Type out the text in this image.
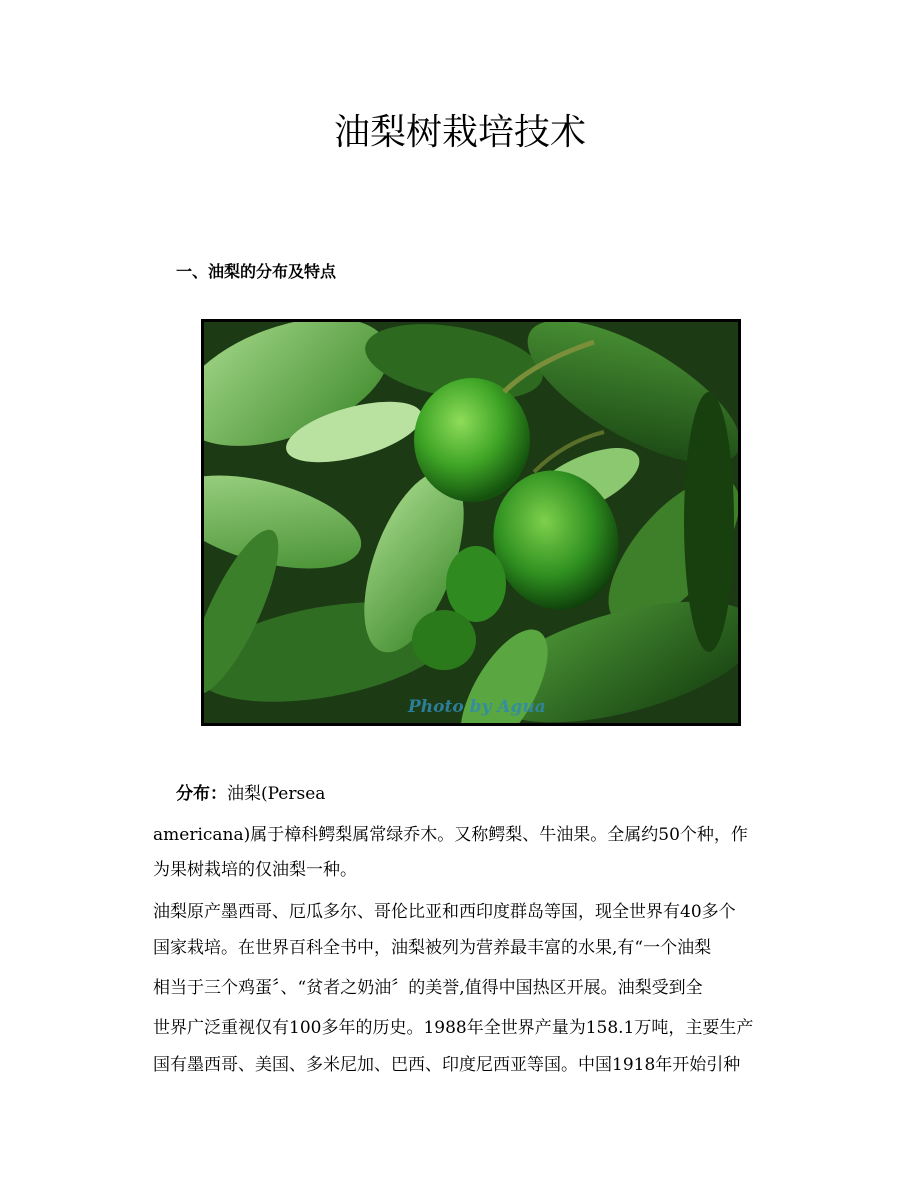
油梨树栽培技术
一、油梨的分布及特点
Photo by Agua
分布：油梨(Persea
americana)属于樟科鳄梨属常绿乔木。又称鳄梨、牛油果。全属约50个种，作
为果树栽培的仅油梨一种。
油梨原产墨西哥、厄瓜多尔、哥伦比亚和西印度群岛等国，现全世界有40多个
国家栽培。在世界百科全书中，油梨被列为营养最丰富的水果,有“一个油梨
相当于三个鸡蛋〞、“贫者之奶油〞的美誉,值得中国热区开展。油梨受到全
世界广泛重视仅有100多年的历史。1988年全世界产量为158.1万吨，主要生产
国有墨西哥、美国、多米尼加、巴西、印度尼西亚等国。中国1918年开始引种
